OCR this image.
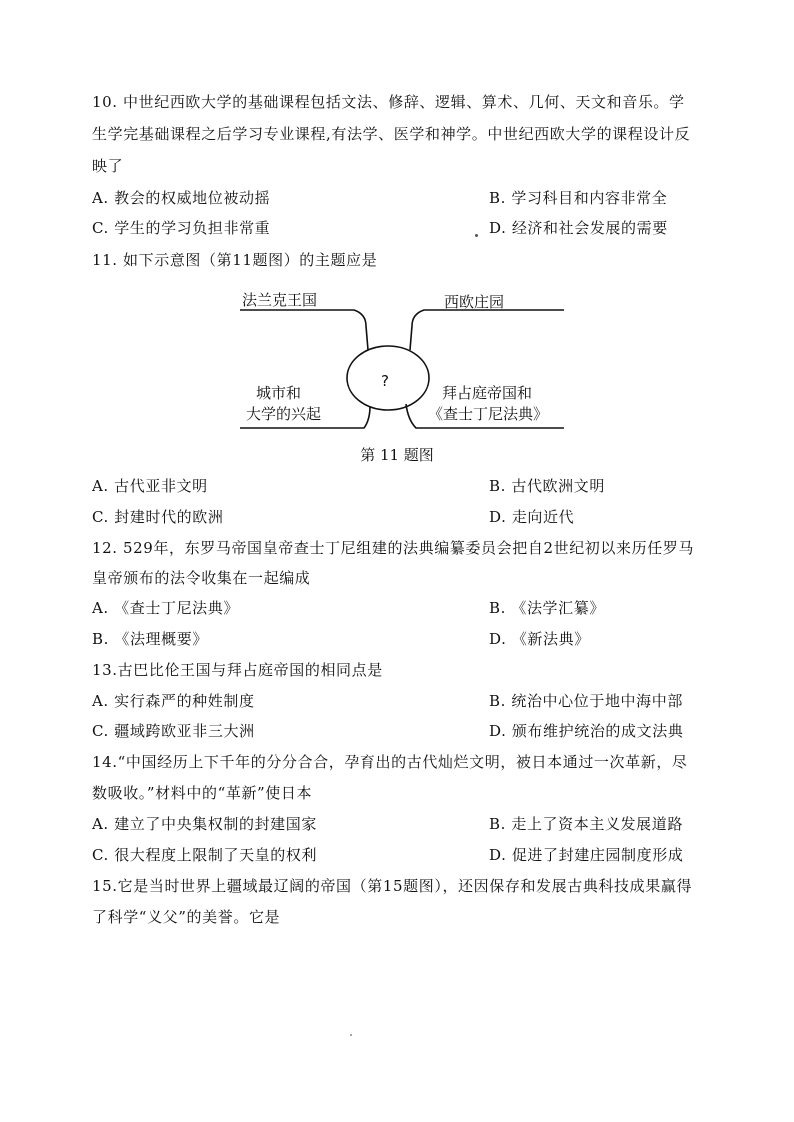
10. 中世纪西欧大学的基础课程包括文法、修辞、逻辑、算术、几何、天文和音乐。学
生学完基础课程之后学习专业课程,有法学、医学和神学。中世纪西欧大学的课程设计反
映了
A. 教会的权威地位被动摇	B. 学习科目和内容非常全
C. 学生的学习负担非常重	D. 经济和社会发展的需要
11. 如下示意图（第11题图）的主题应是
?
法兰克王国	西欧庄园
城市和
大学的兴起
拜占庭帝国和
《查士丁尼法典》
第 11 题图
A. 古代亚非文明	B. 古代欧洲文明
C. 封建时代的欧洲	D. 走向近代
12. 529年，东罗马帝国皇帝查士丁尼组建的法典编纂委员会把自2世纪初以来历任罗马
皇帝颁布的法令收集在一起编成
A. 《查士丁尼法典》	B. 《法学汇纂》
B. 《法理概要》	D. 《新法典》
13.古巴比伦王国与拜占庭帝国的相同点是
A. 实行森严的种姓制度	B. 统治中心位于地中海中部
C. 疆域跨欧亚非三大洲	D. 颁布维护统治的成文法典
14.“中国经历上下千年的分分合合，孕育出的古代灿烂文明，被日本通过一次革新，尽
数吸收。”材料中的“革新”使日本
A. 建立了中央集权制的封建国家	B. 走上了资本主义发展道路
C. 很大程度上限制了天皇的权利	D. 促进了封建庄园制度形成
15.它是当时世界上疆域最辽阔的帝国（第15题图），还因保存和发展古典科技成果赢得
了科学“义父”的美誉。它是
